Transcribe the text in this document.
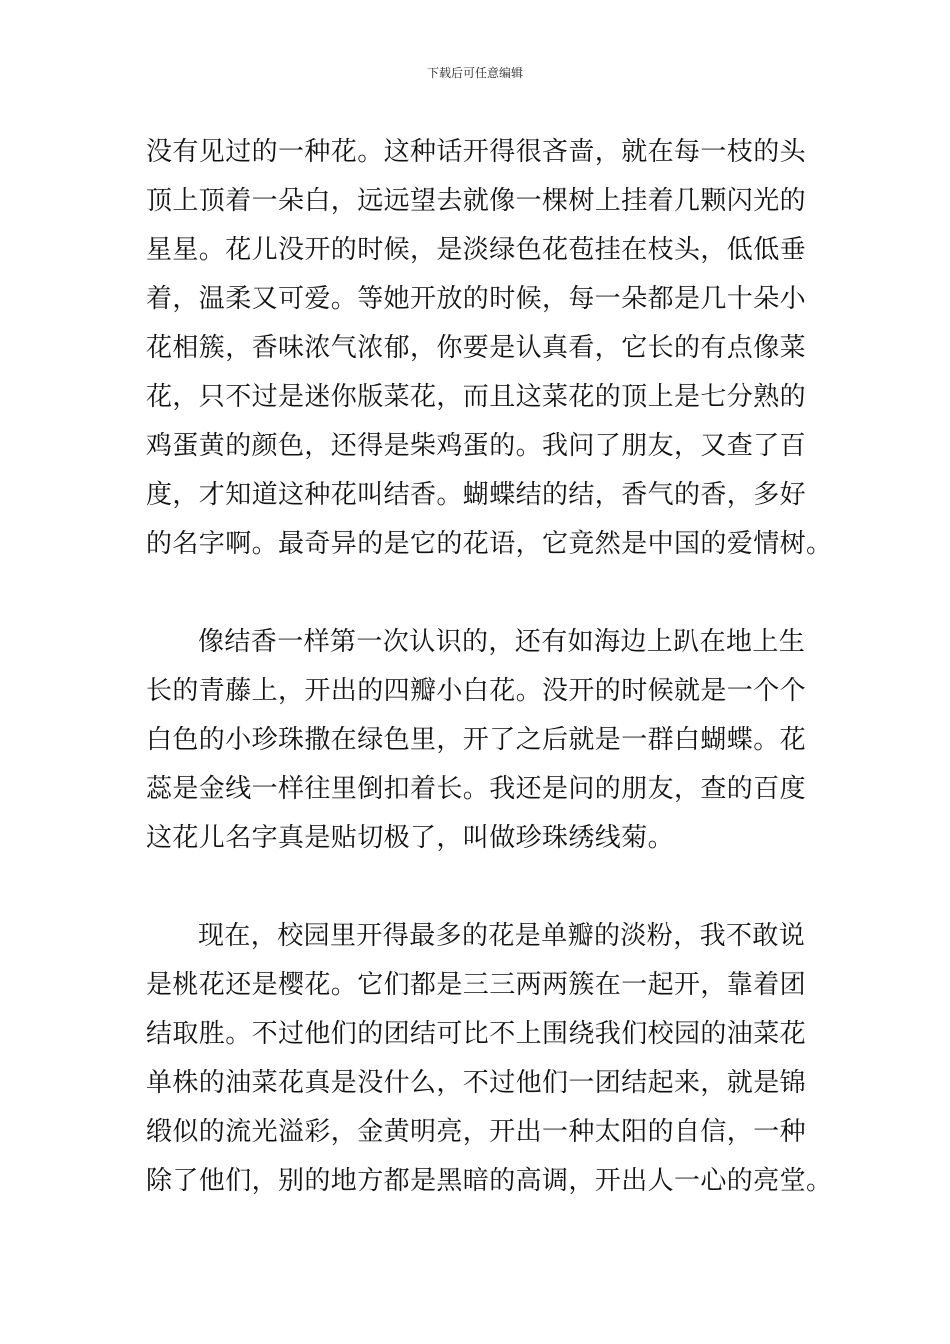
下载后可任意编辑
没有见过的一种花。这种话开得很吝啬，就在每一枝的头
顶上顶着一朵白，远远望去就像一棵树上挂着几颗闪光的
星星。花儿没开的时候，是淡绿色花苞挂在枝头，低低垂
着，温柔又可爱。等她开放的时候，每一朵都是几十朵小
花相簇，香味浓气浓郁，你要是认真看，它长的有点像菜
花，只不过是迷你版菜花，而且这菜花的顶上是七分熟的
鸡蛋黄的颜色，还得是柴鸡蛋的。我问了朋友，又查了百
度，才知道这种花叫结香。蝴蝶结的结，香气的香，多好
的名字啊。最奇异的是它的花语，它竟然是中国的爱情树。
像结香一样第一次认识的，还有如海边上趴在地上生
长的青藤上，开出的四瓣小白花。没开的时候就是一个个
白色的小珍珠撒在绿色里，开了之后就是一群白蝴蝶。花
蕊是金线一样往里倒扣着长。我还是问的朋友，查的百度
这花儿名字真是贴切极了，叫做珍珠绣线菊。
现在，校园里开得最多的花是单瓣的淡粉，我不敢说
是桃花还是樱花。它们都是三三两两簇在一起开，靠着团
结取胜。不过他们的团结可比不上围绕我们校园的油菜花
单株的油菜花真是没什么，不过他们一团结起来，就是锦
缎似的流光溢彩，金黄明亮，开出一种太阳的自信，一种
除了他们，别的地方都是黑暗的高调，开出人一心的亮堂。
